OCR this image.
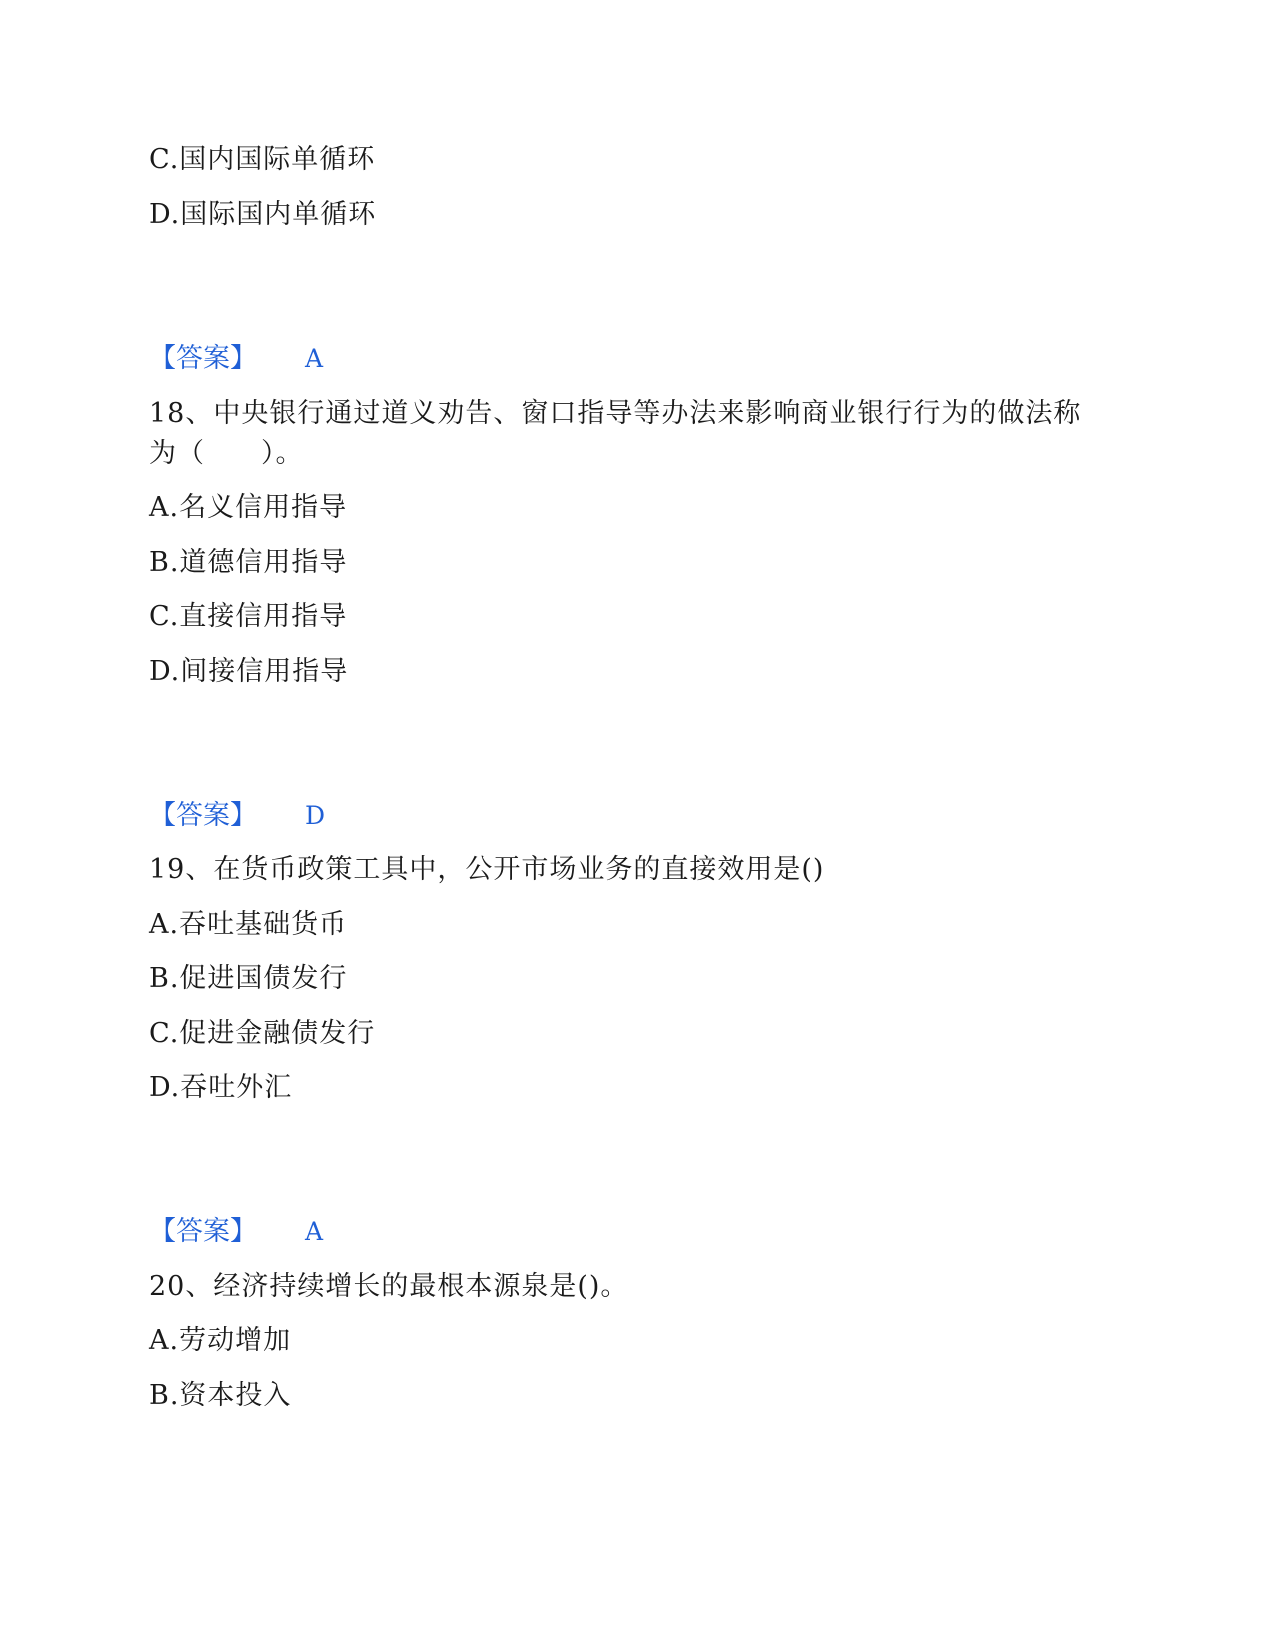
C.国内国际单循环
D.国际国内单循环
【答案】 A
18、中央银行通过道义劝告、窗口指导等办法来影响商业银行行为的做法称
为（　　）。
A.名义信用指导
B.道德信用指导
C.直接信用指导
D.间接信用指导
【答案】 D
19、在货币政策工具中，公开市场业务的直接效用是()
A.吞吐基础货币
B.促进国债发行
C.促进金融债发行
D.吞吐外汇
【答案】 A
20、经济持续增长的最根本源泉是()。
A.劳动增加
B.资本投入
